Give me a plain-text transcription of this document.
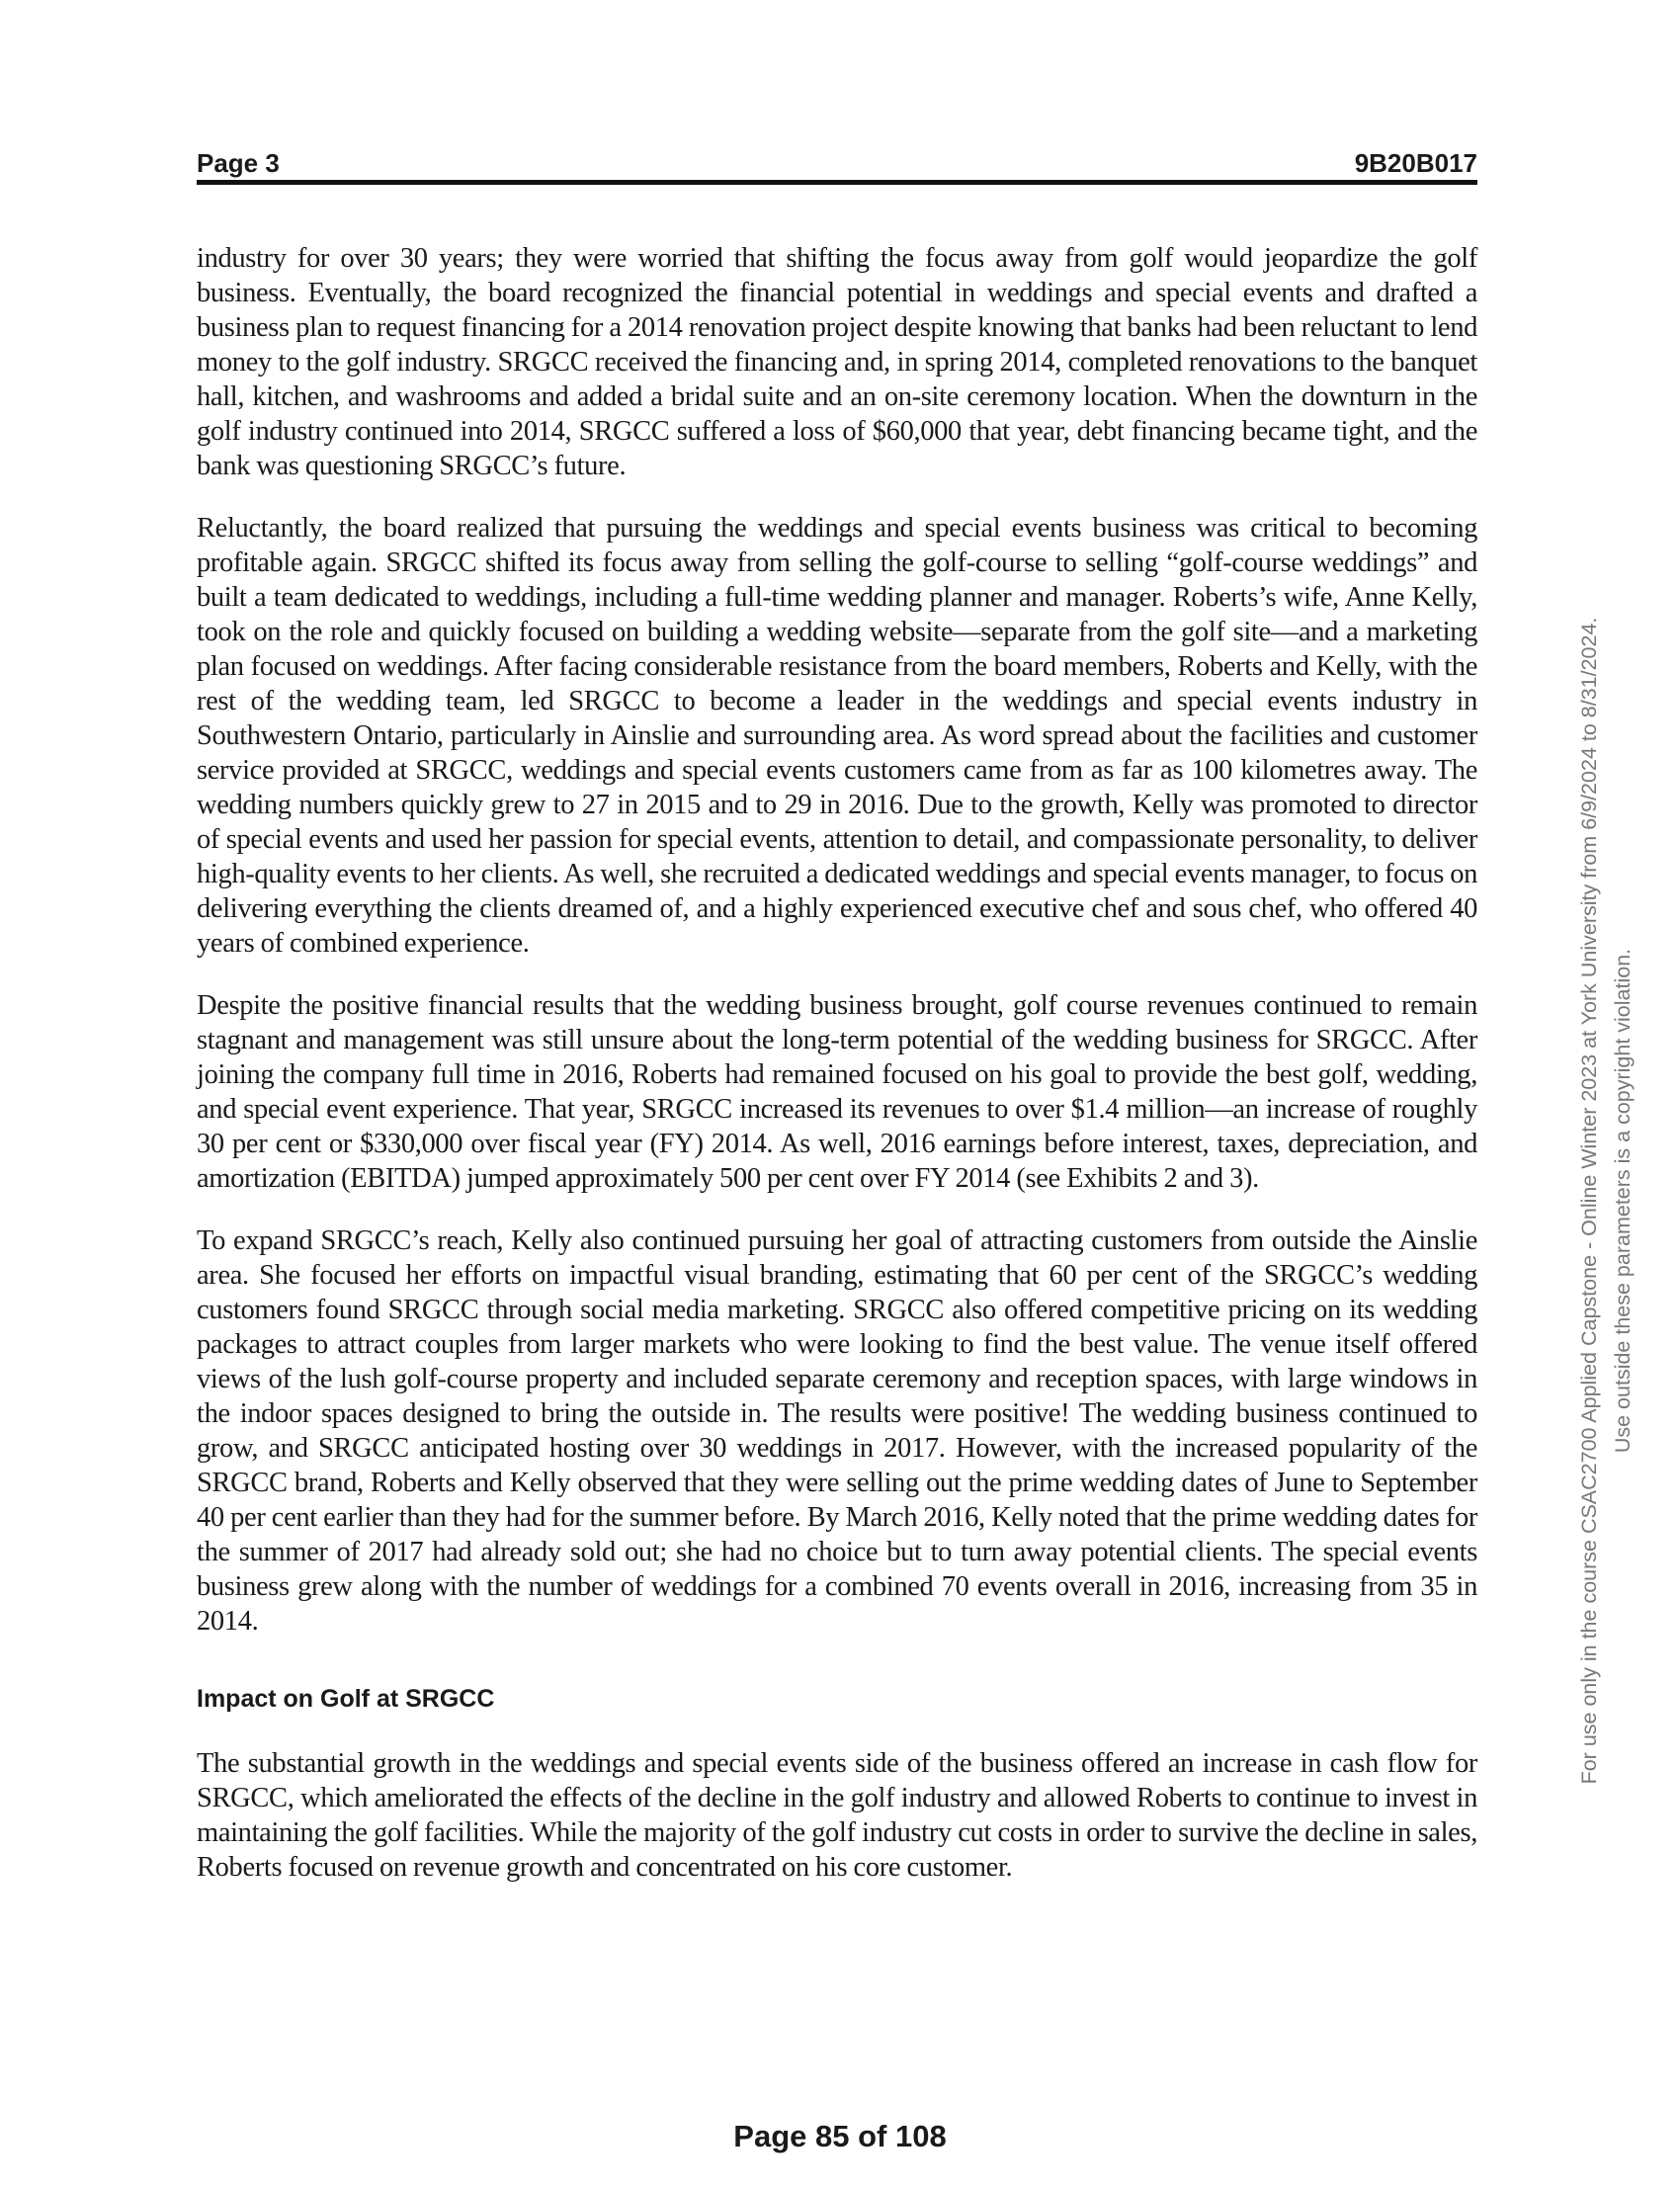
Page 3	9B20B017

industry for over 30 years; they were worried that shifting the focus away from golf would jeopardize the golf business. Eventually, the board recognized the financial potential in weddings and special events and drafted a business plan to request financing for a 2014 renovation project despite knowing that banks had been reluctant to lend money to the golf industry. SRGCC received the financing and, in spring 2014, completed renovations to the banquet hall, kitchen, and washrooms and added a bridal suite and an on-site ceremony location. When the downturn in the golf industry continued into 2014, SRGCC suffered a loss of $60,000 that year, debt financing became tight, and the bank was questioning SRGCC’s future.

Reluctantly, the board realized that pursuing the weddings and special events business was critical to becoming profitable again. SRGCC shifted its focus away from selling the golf-course to selling “golf-course weddings” and built a team dedicated to weddings, including a full-time wedding planner and manager. Roberts’s wife, Anne Kelly, took on the role and quickly focused on building a wedding website—separate from the golf site—and a marketing plan focused on weddings. After facing considerable resistance from the board members, Roberts and Kelly, with the rest of the wedding team, led SRGCC to become a leader in the weddings and special events industry in Southwestern Ontario, particularly in Ainslie and surrounding area. As word spread about the facilities and customer service provided at SRGCC, weddings and special events customers came from as far as 100 kilometres away. The wedding numbers quickly grew to 27 in 2015 and to 29 in 2016. Due to the growth, Kelly was promoted to director of special events and used her passion for special events, attention to detail, and compassionate personality, to deliver high-quality events to her clients. As well, she recruited a dedicated weddings and special events manager, to focus on delivering everything the clients dreamed of, and a highly experienced executive chef and sous chef, who offered 40 years of combined experience.

Despite the positive financial results that the wedding business brought, golf course revenues continued to remain stagnant and management was still unsure about the long-term potential of the wedding business for SRGCC. After joining the company full time in 2016, Roberts had remained focused on his goal to provide the best golf, wedding, and special event experience. That year, SRGCC increased its revenues to over $1.4 million—an increase of roughly 30 per cent or $330,000 over fiscal year (FY) 2014. As well, 2016 earnings before interest, taxes, depreciation, and amortization (EBITDA) jumped approximately 500 per cent over FY 2014 (see Exhibits 2 and 3).

To expand SRGCC’s reach, Kelly also continued pursuing her goal of attracting customers from outside the Ainslie area. She focused her efforts on impactful visual branding, estimating that 60 per cent of the SRGCC’s wedding customers found SRGCC through social media marketing. SRGCC also offered competitive pricing on its wedding packages to attract couples from larger markets who were looking to find the best value. The venue itself offered views of the lush golf-course property and included separate ceremony and reception spaces, with large windows in the indoor spaces designed to bring the outside in. The results were positive! The wedding business continued to grow, and SRGCC anticipated hosting over 30 weddings in 2017. However, with the increased popularity of the SRGCC brand, Roberts and Kelly observed that they were selling out the prime wedding dates of June to September 40 per cent earlier than they had for the summer before. By March 2016, Kelly noted that the prime wedding dates for the summer of 2017 had already sold out; she had no choice but to turn away potential clients. The special events business grew along with the number of weddings for a combined 70 events overall in 2016, increasing from 35 in 2014.

Impact on Golf at SRGCC

The substantial growth in the weddings and special events side of the business offered an increase in cash flow for SRGCC, which ameliorated the effects of the decline in the golf industry and allowed Roberts to continue to invest in maintaining the golf facilities. While the majority of the golf industry cut costs in order to survive the decline in sales, Roberts focused on revenue growth and concentrated on his core customer.

For use only in the course CSAC2700 Applied Capstone - Online Winter 2023 at York University from 6/9/2024 to 8/31/2024. Use outside these parameters is a copyright violation.
Page 85 of 108
